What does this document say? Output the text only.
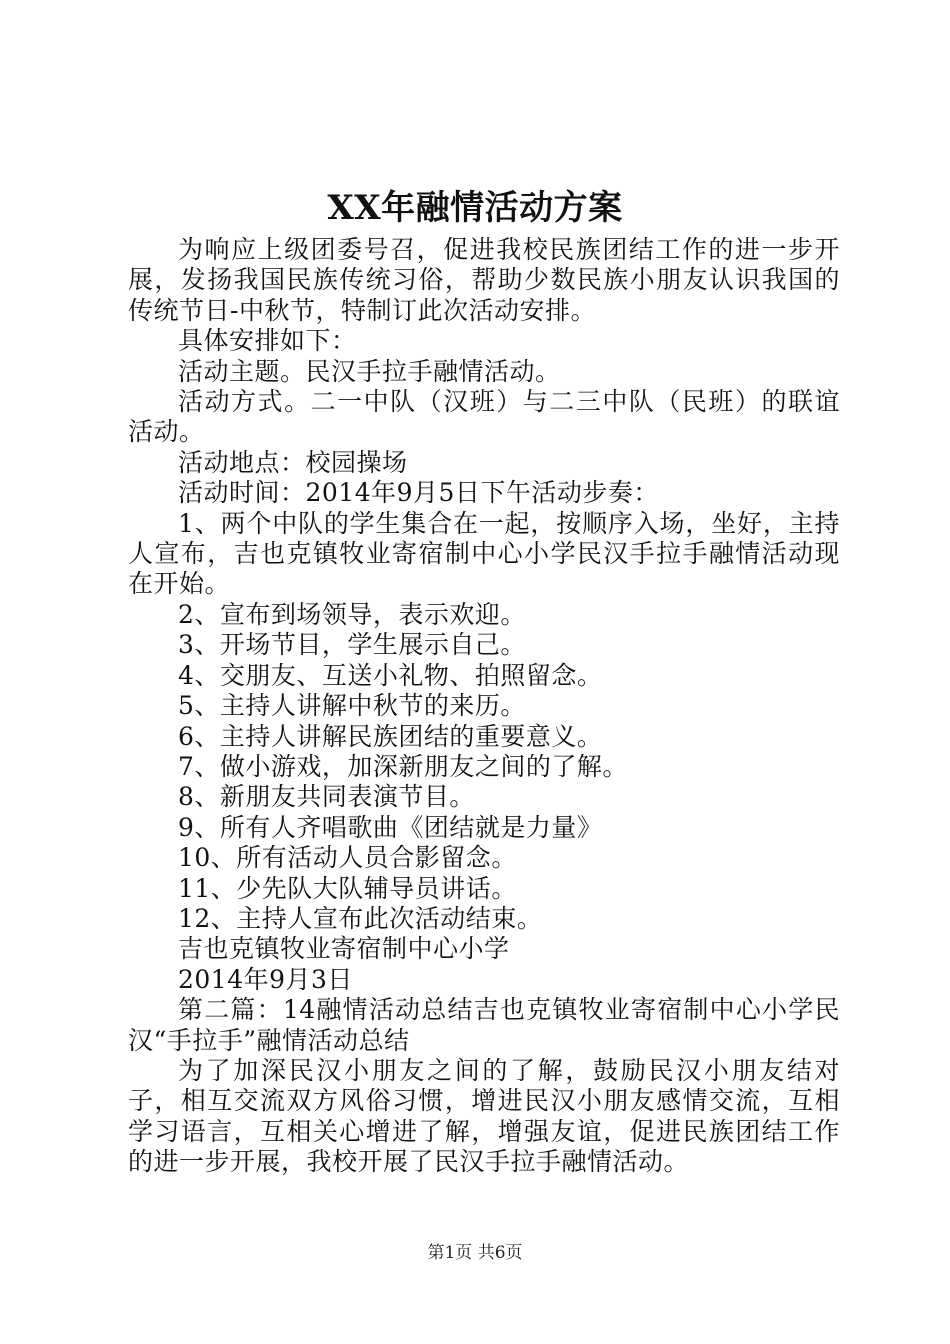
XX年融情活动方案

为响应上级团委号召，促进我校民族团结工作的进一步开展，发扬我国民族传统习俗，帮助少数民族小朋友认识我国的传统节日-中秋节，特制订此次活动安排。

具体安排如下：

活动主题。民汉手拉手融情活动。

活动方式。二一中队（汉班）与二三中队（民班）的联谊活动。

活动地点：校园操场

活动时间：2014年9月5日下午活动步奏：

1、两个中队的学生集合在一起，按顺序入场，坐好，主持人宣布，吉也克镇牧业寄宿制中心小学民汉手拉手融情活动现在开始。

2、宣布到场领导，表示欢迎。

3、开场节目，学生展示自己。

4、交朋友、互送小礼物、拍照留念。

5、主持人讲解中秋节的来历。

6、主持人讲解民族团结的重要意义。

7、做小游戏，加深新朋友之间的了解。

8、新朋友共同表演节目。

9、所有人齐唱歌曲《团结就是力量》

10、所有活动人员合影留念。

11、少先队大队辅导员讲话。

12、主持人宣布此次活动结束。

吉也克镇牧业寄宿制中心小学

2014年9月3日

第二篇：14融情活动总结吉也克镇牧业寄宿制中心小学民汉“手拉手”融情活动总结

为了加深民汉小朋友之间的了解，鼓励民汉小朋友结对子，相互交流双方风俗习惯，增进民汉小朋友感情交流，互相学习语言，互相关心增进了解，增强友谊，促进民族团结工作的进一步开展，我校开展了民汉手拉手融情活动。

第1页 共6页
